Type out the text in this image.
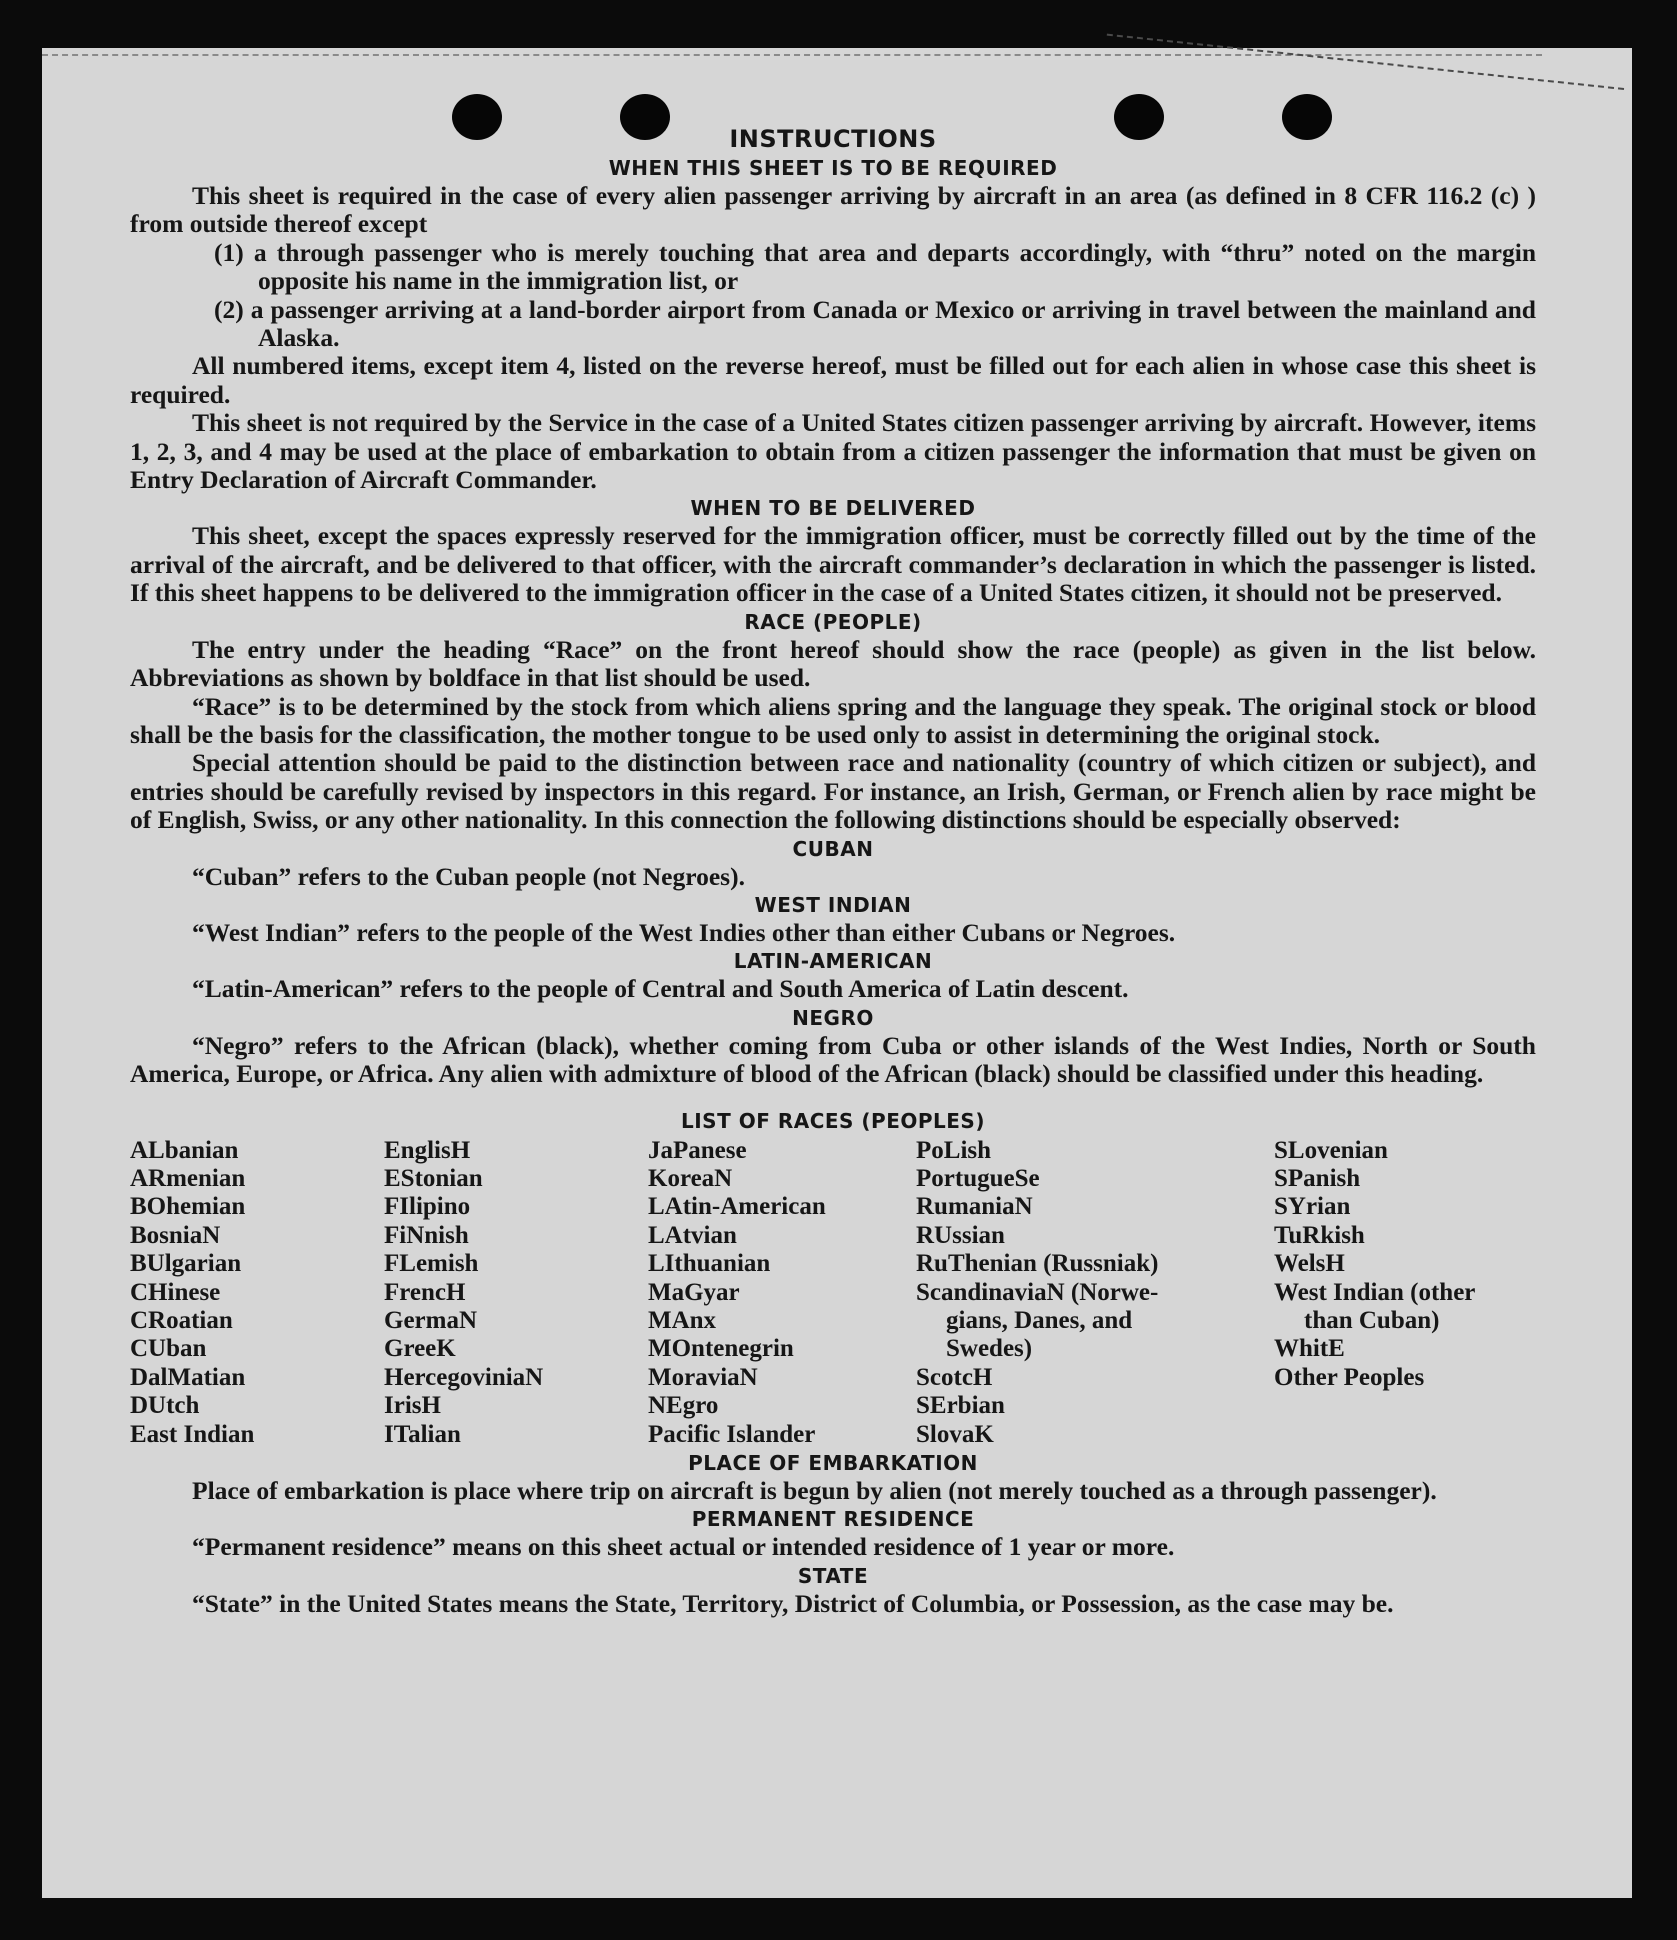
INSTRUCTIONS
WHEN THIS SHEET IS TO BE REQUIRED

This sheet is required in the case of every alien passenger arriving by aircraft in an area (as defined in 8 CFR 116.2 (c) ) from outside thereof except

(1) a through passenger who is merely touching that area and departs accordingly, with “thru” noted on the margin opposite his name in the immigration list, or
(2) a passenger arriving at a land-border airport from Canada or Mexico or arriving in travel between the mainland and Alaska.

All numbered items, except item 4, listed on the reverse hereof, must be filled out for each alien in whose case this sheet is required.

This sheet is not required by the Service in the case of a United States citizen passenger arriving by aircraft. However, items 1, 2, 3, and 4 may be used at the place of embarkation to obtain from a citizen passenger the information that must be given on Entry Declaration of Aircraft Commander.

WHEN TO BE DELIVERED

This sheet, except the spaces expressly reserved for the immigration officer, must be correctly filled out by the time of the arrival of the aircraft, and be delivered to that officer, with the aircraft commander’s declaration in which the passenger is listed. If this sheet happens to be delivered to the immigration officer in the case of a United States citizen, it should not be preserved.

RACE (PEOPLE)

The entry under the heading “Race” on the front hereof should show the race (people) as given in the list below. Abbreviations as shown by boldface in that list should be used.

“Race” is to be determined by the stock from which aliens spring and the language they speak. The original stock or blood shall be the basis for the classification, the mother tongue to be used only to assist in determining the original stock.

Special attention should be paid to the distinction between race and nationality (country of which citizen or subject), and entries should be carefully revised by inspectors in this regard. For instance, an Irish, German, or French alien by race might be of English, Swiss, or any other nationality. In this connection the following distinctions should be especially observed:

CUBAN
“Cuban” refers to the Cuban people (not Negroes).
WEST INDIAN
“West Indian” refers to the people of the West Indies other than either Cubans or Negroes.
LATIN-AMERICAN
“Latin-American” refers to the people of Central and South America of Latin descent.
NEGRO

“Negro” refers to the African (black), whether coming from Cuba or other islands of the West Indies, North or South America, Europe, or Africa. Any alien with admixture of blood of the African (black) should be classified under this heading.

LIST OF RACES (PEOPLES)
ALbanian
ARmenian
BOhemian
BosniaN
BUlgarian
CHinese
CRoatian
CUban
DalMatian
DUtch
East Indian
EnglisH
EStonian
FIlipino
FiNnish
FLemish
FrencH
GermaN
GreeK
HercegoviniaN
IrisH
ITalian
JaPanese
KoreaN
LAtin-American
LAtvian
LIthuanian
MaGyar
MAnx
MOntenegrin
MoraviaN
NEgro
Pacific Islander
PoLish
PortugueSe
RumaniaN
RUssian
RuThenian (Russniak)
ScandinaviaN (Norwe-
gians, Danes, and
Swedes)
ScotcH
SErbian
SlovaK
SLovenian
SPanish
SYrian
TuRkish
WelsH
West Indian (other
than Cuban)
WhitE
Other Peoples
PLACE OF EMBARKATION

Place of embarkation is place where trip on aircraft is begun by alien (not merely touched as a through passenger).

PERMANENT RESIDENCE

“Permanent residence” means on this sheet actual or intended residence of 1 year or more.

STATE

“State” in the United States means the State, Territory, District of Columbia, or Possession, as the case may be.
